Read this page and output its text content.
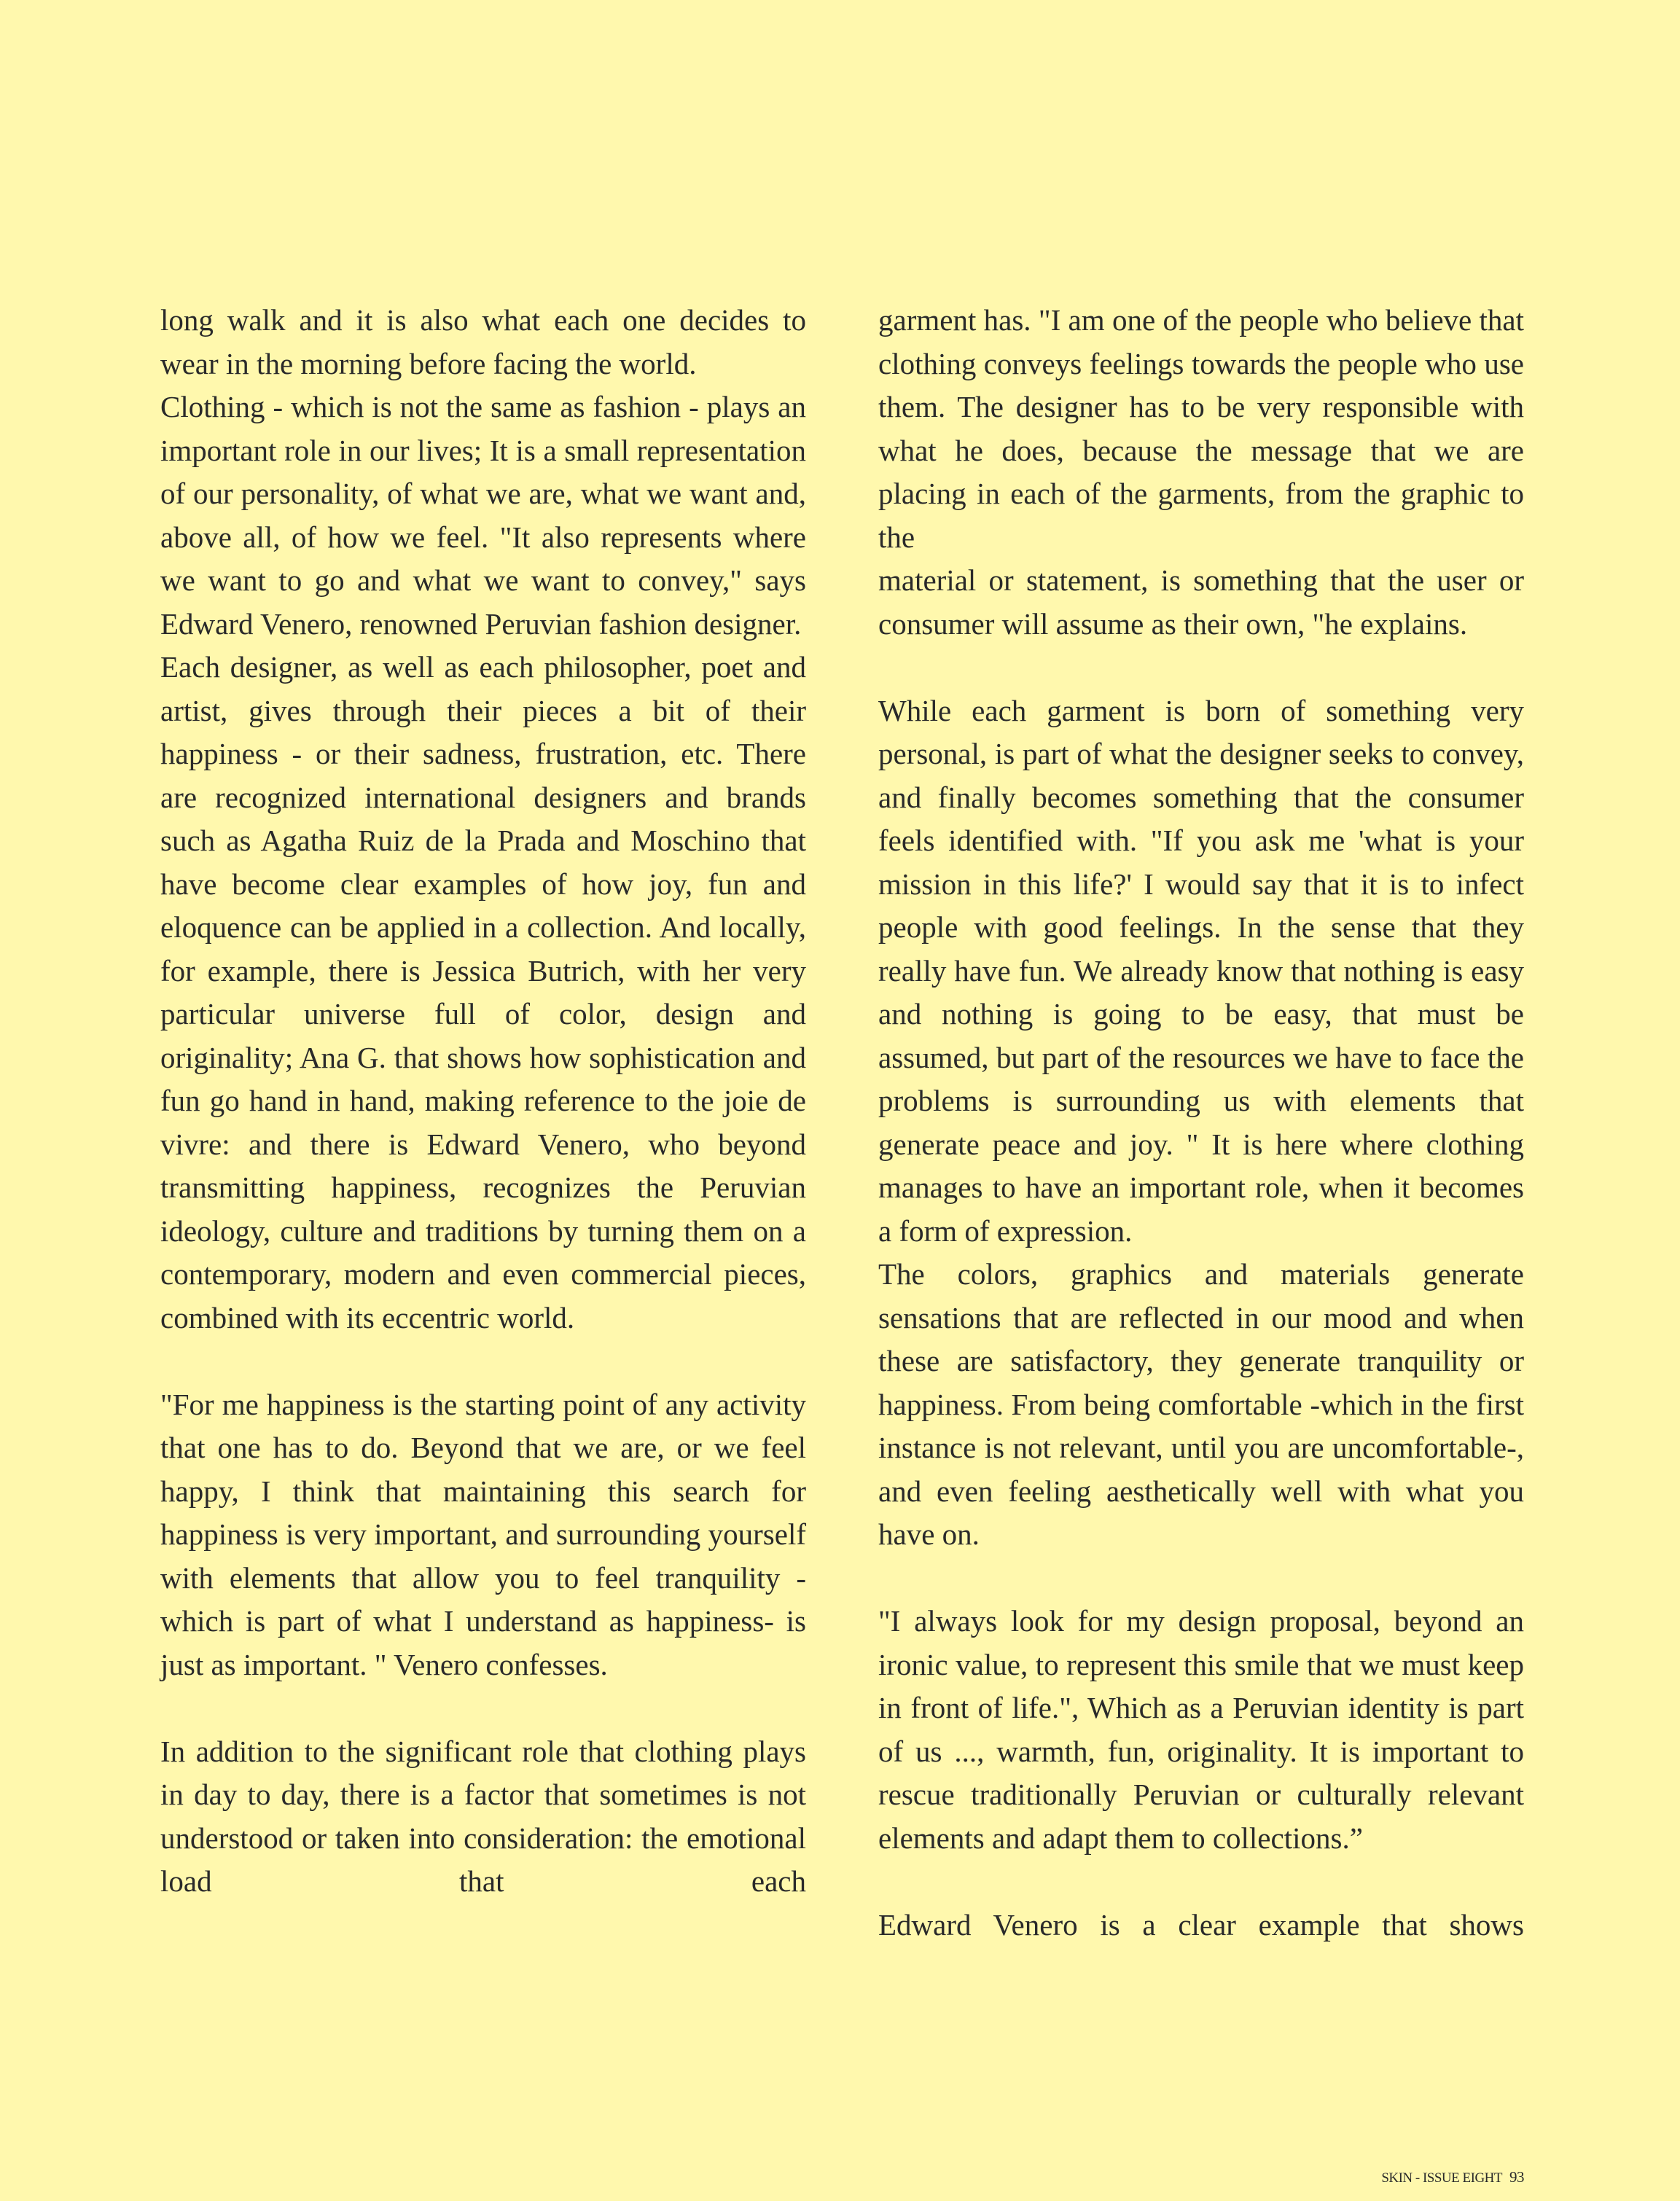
long walk and it is also what each one decides to wear in the morning before facing the world.

Clothing - which is not the same as fashion - plays an important role in our lives; It is a small representation of our personality, of what we are, what we want and, above all, of how we feel. "It also represents where we want to go and what we want to convey," says Edward Venero, renowned Peruvian fashion designer.

Each designer, as well as each philosopher, poet and artist, gives through their pieces a bit of their happiness - or their sadness, frustration, etc. There are recognized international designers and brands such as Agatha Ruiz de la Prada and Moschino that have become clear examples of how joy, fun and eloquence can be applied in a collection. And locally, for example, there is Jessica Butrich, with her very particular universe full of color, design and originality; Ana G. that shows how sophistication and fun go hand in hand, making reference to the joie de vivre: and there is Edward Venero, who beyond transmitting happiness, recognizes the Peruvian ideology, culture and traditions by turning them on a contemporary, modern and even commercial pieces, combined with its eccentric world.

"For me happiness is the starting point of any activity that one has to do. Beyond that we are, or we feel happy, I think that maintaining this search for happiness is very important, and surrounding yourself with elements that allow you to feel tranquility -which is part of what I understand as happiness- is just as important. " Venero confesses.

In addition to the significant role that clothing plays in day to day, there is a factor that sometimes is not understood or taken into consideration: the emotional load that each

garment has. "I am one of the people who believe that clothing conveys feelings towards the people who use them. The designer has to be very responsible with what he does, because the message that we are placing in each of the garments, from the graphic to the

material or statement, is something that the user or consumer will assume as their own, "he explains.

While each garment is born of something very personal, is part of what the designer seeks to convey, and finally becomes something that the consumer feels identified with. "If you ask me 'what is your mission in this life?' I would say that it is to infect people with good feelings. In the sense that they really have fun. We already know that nothing is easy and nothing is going to be easy, that must be assumed, but part of the resources we have to face the problems is surrounding us with elements that generate peace and joy. " It is here where clothing manages to have an important role, when it becomes a form of expression.

The colors, graphics and materials generate sensations that are reflected in our mood and when these are satisfactory, they generate tranquility or happiness. From being comfortable -which in the first instance is not relevant, until you are uncomfortable-, and even feeling aesthetically well with what you have on.

"I always look for my design proposal, beyond an ironic value, to represent this smile that we must keep in front of life.", Which as a Peruvian identity is part of us ..., warmth, fun, originality. It is important to rescue traditionally Peruvian or culturally relevant elements and adapt them to collections.”

Edward Venero is a clear example that shows

SKIN - ISSUE EIGHT 93
